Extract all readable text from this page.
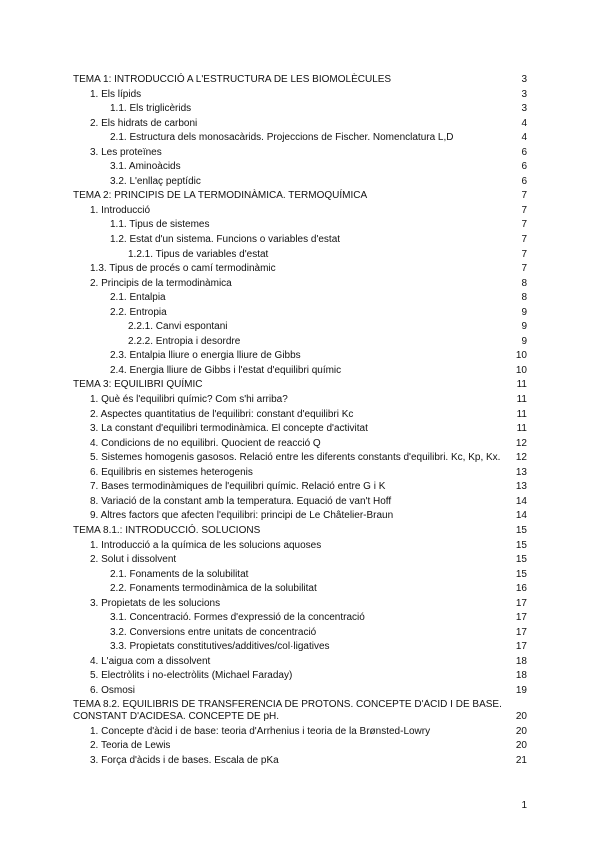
TEMA 1: INTRODUCCIÓ A L'ESTRUCTURA DE LES BIOMOLÈCULES	3
1. Els lípids	3
1.1. Els triglicèrids	3
2. Els hidrats de carboni	4
2.1. Estructura dels monosacàrids. Projeccions de Fischer. Nomenclatura L,D	4
3. Les proteïnes	6
3.1. Aminoàcids	6
3.2. L'enllaç peptídic	6
TEMA 2: PRINCIPIS DE LA TERMODINÀMICA. TERMOQUÍMICA	7
1. Introducció	7
1.1. Tipus de sistemes	7
1.2. Estat d'un sistema. Funcions o variables d'estat	7
1.2.1. Tipus de variables d'estat	7
1.3. Tipus de procés o camí termodinàmic	7
2. Principis de la termodinàmica	8
2.1. Entalpia	8
2.2. Entropia	9
2.2.1. Canvi espontani	9
2.2.2. Entropia i desordre	9
2.3. Entalpia lliure o energia lliure de Gibbs	10
2.4. Energia lliure de Gibbs i l'estat d'equilibri químic	10
TEMA 3: EQUILIBRI QUÍMIC	11
1. Què és l'equilibri químic? Com s'hi arriba?	11
2. Aspectes quantitatius de l'equilibri: constant d'equilibri Kc	11
3. La constant d'equilibri termodinàmica. El concepte d'activitat	11
4. Condicions de no equilibri. Quocient de reacció Q	12
5. Sistemes homogenis gasosos. Relació entre les diferents constants d'equilibri. Kc, Kp, Kx.	12
6. Equilibris en sistemes heterogenis	13
7. Bases termodinàmiques de l'equilibri químic. Relació entre G i K	13
8. Variació de la constant amb la temperatura. Equació de van't Hoff	14
9. Altres factors que afecten l'equilibri: principi de Le Châtelier-Braun	14
TEMA 8.1.: INTRODUCCIÓ. SOLUCIONS	15
1. Introducció a la química de les solucions aquoses	15
2. Solut i dissolvent	15
2.1. Fonaments de la solubilitat	15
2.2. Fonaments termodinàmica de la solubilitat	16
3. Propietats de les solucions	17
3.1. Concentració. Formes d'expressió de la concentració	17
3.2. Conversions entre unitats de concentració	17
3.3. Propietats constitutives/additives/col·ligatives	17
4. L'aigua com a dissolvent	18
5. Electròlits i no-electròlits (Michael Faraday)	18
6. Osmosi	19
TEMA 8.2. EQUILIBRIS DE TRANSFERÈNCIA DE PROTONS. CONCEPTE D'ÀCID I DE BASE. CONSTANT D'ACIDESA. CONCEPTE DE pH.	20
1. Concepte d'àcid i de base: teoria d'Arrhenius i teoria de la Brønsted-Lowry	20
2. Teoria de Lewis	20
3. Força d'àcids i de bases. Escala de pKa	21
1
